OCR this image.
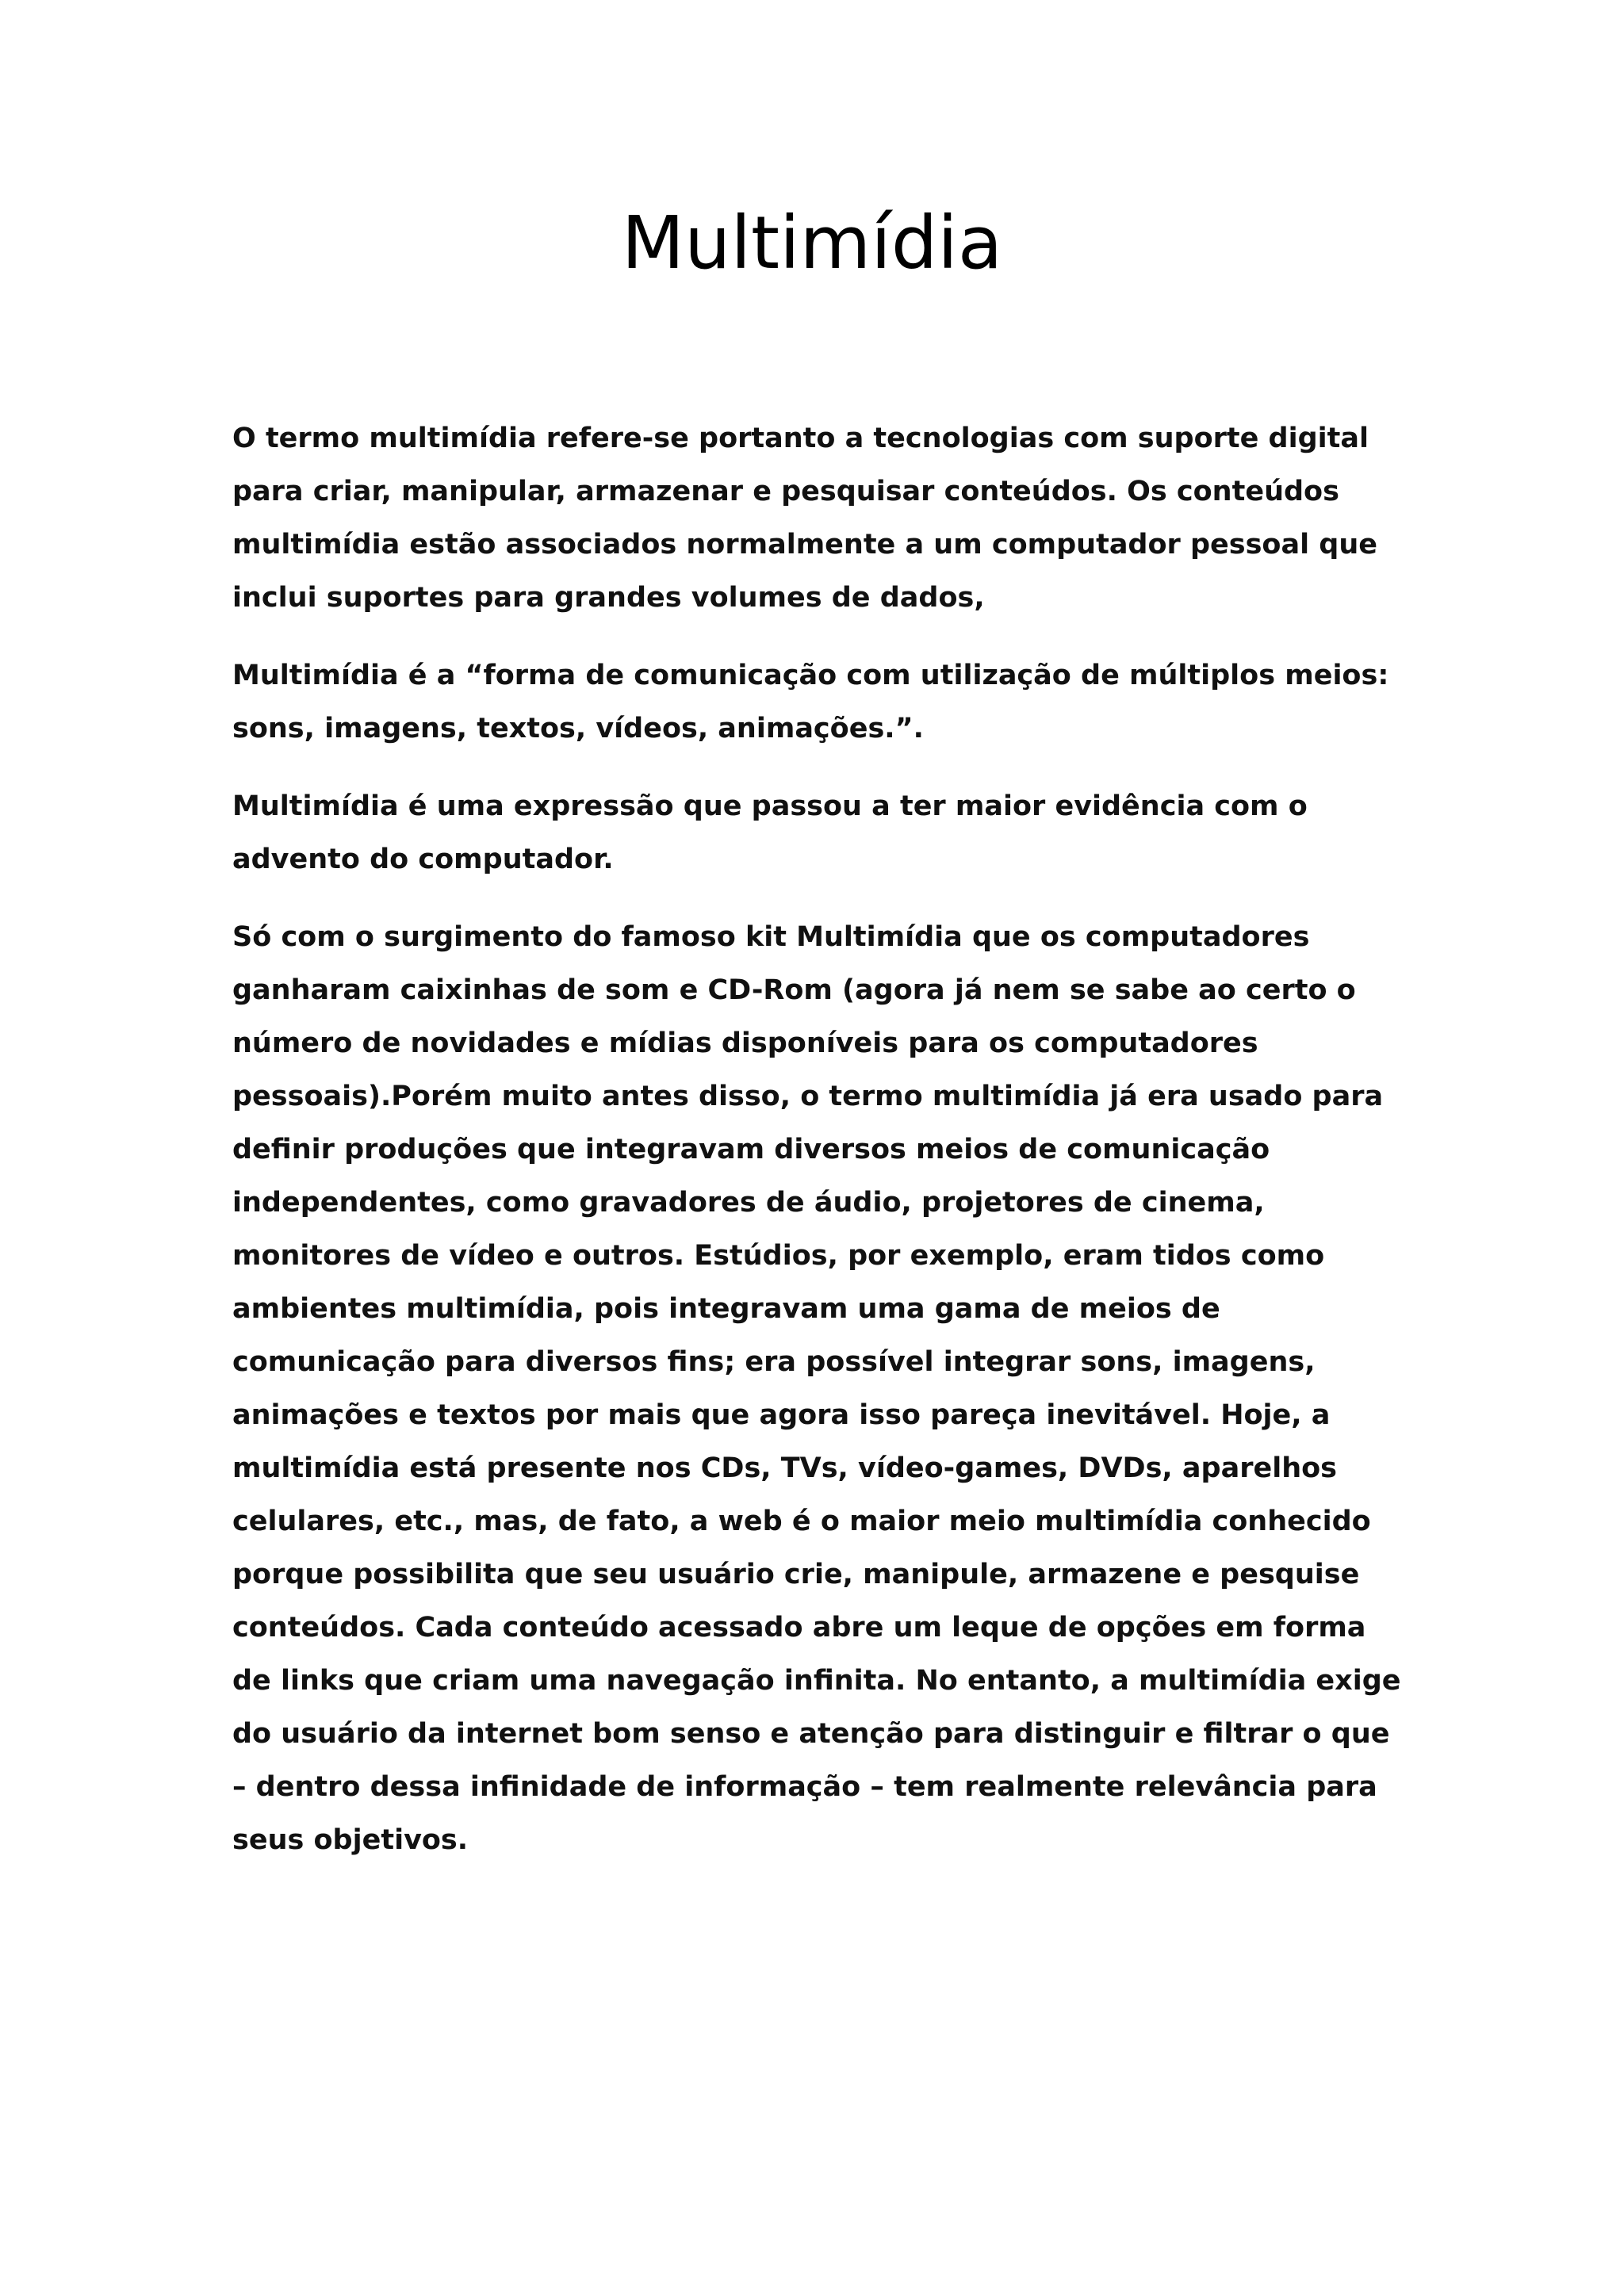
Multimídia

O termo multimídia refere-se portanto a tecnologias com suporte digital para criar, manipular, armazenar e pesquisar conteúdos. Os conteúdos multimídia estão associados normalmente a um computador pessoal que inclui suportes para grandes volumes de dados,

Multimídia é a “forma de comunicação com utilização de múltiplos meios: sons, imagens, textos, vídeos, animações.”.

Multimídia é uma expressão que passou a ter maior evidência com o advento do computador.

Só com o surgimento do famoso kit Multimídia que os computadores ganharam caixinhas de som e CD-Rom (agora já nem se sabe ao certo o número de novidades e mídias disponíveis para os computadores pessoais).Porém muito antes disso, o termo multimídia já era usado para definir produções que integravam diversos meios de comunicação independentes, como gravadores de áudio, projetores de cinema, monitores de vídeo e outros. Estúdios, por exemplo, eram tidos como ambientes multimídia, pois integravam uma gama de meios de comunicação para diversos fins; era possível integrar sons, imagens, animações e textos por mais que agora isso pareça inevitável. Hoje, a multimídia está presente nos CDs, TVs, vídeo-games, DVDs, aparelhos celulares, etc., mas, de fato, a web é o maior meio multimídia conhecido porque possibilita que seu usuário crie, manipule, armazene e pesquise conteúdos. Cada conteúdo acessado abre um leque de opções em forma de links que criam uma navegação infinita. No entanto, a multimídia exige do usuário da internet bom senso e atenção para distinguir e filtrar o que – dentro dessa infinidade de informação – tem realmente relevância para seus objetivos.
